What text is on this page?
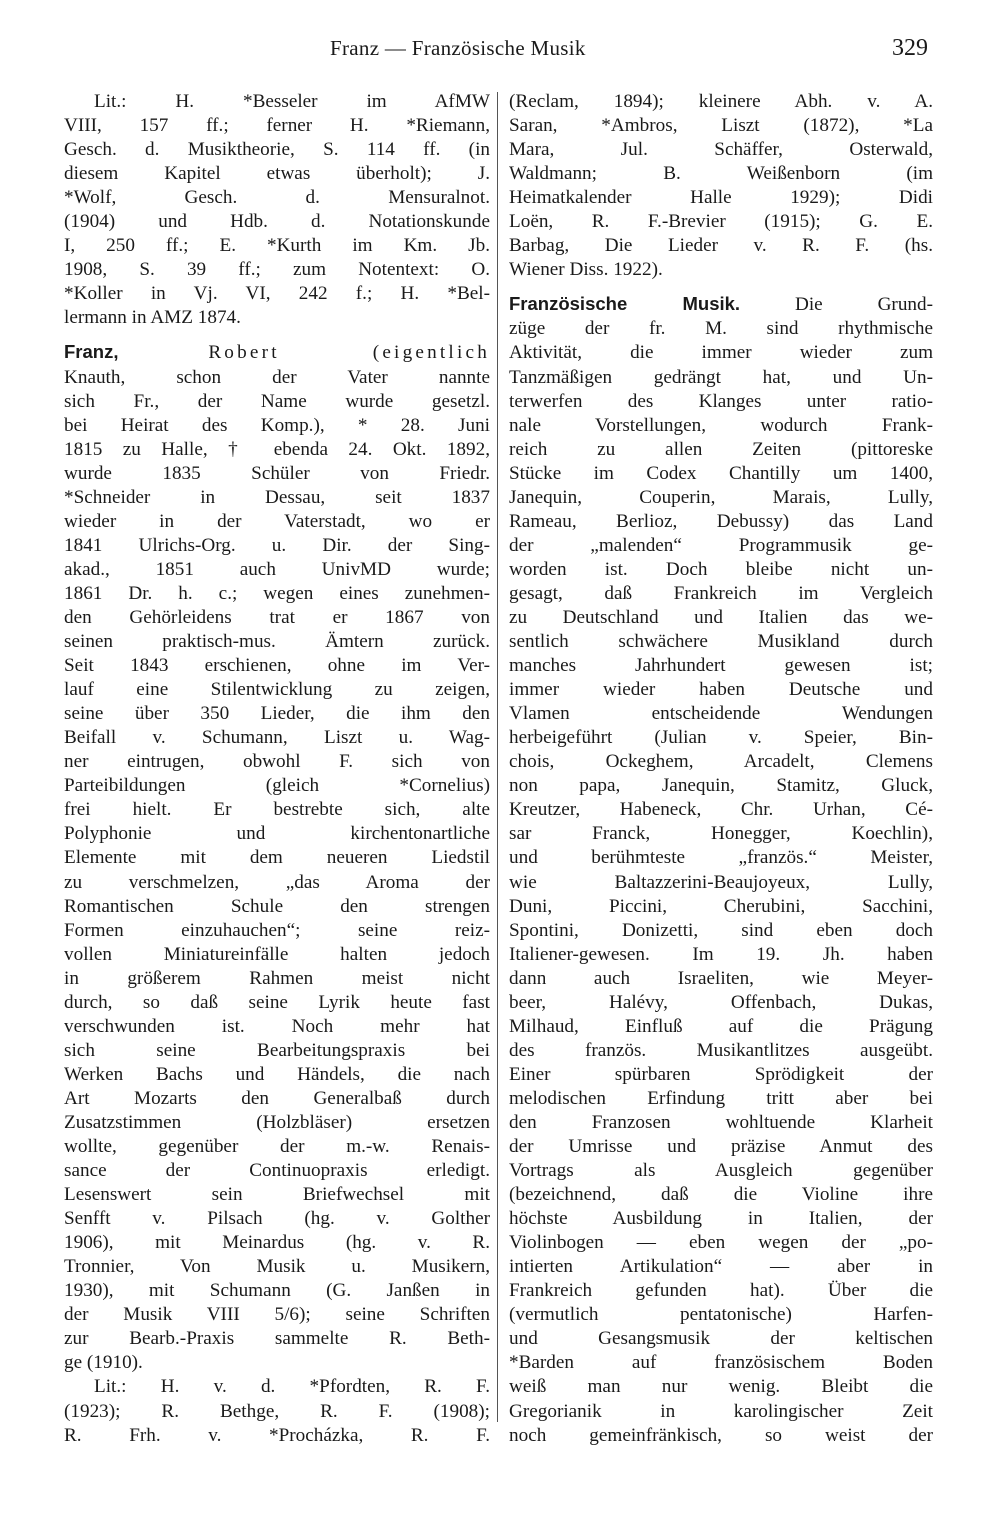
Franz — Französische Musik	329
Lit.: H. *Besseler im AfMW
VIII, 157 ff.; ferner H. *Riemann,
Gesch. d. Musiktheorie, S. 114 ff. (in
diesem Kapitel etwas überholt); J.
*Wolf, Gesch. d. Mensuralnot.
(1904) und Hdb. d. Notationskunde
I, 250 ff.; E. *Kurth im Km. Jb.
1908, S. 39 ff.; zum Notentext: O.
*Koller in Vj. VI, 242 f.; H. *Bel-
lermann in AMZ 1874.
Franz,	Robert (eigentlich
Knauth, schon der Vater nannte
sich Fr., der Name wurde gesetzl.
bei Heirat des Komp.), * 28. Juni
1815 zu Halle, † ebenda 24. Okt. 1892,
wurde 1835 Schüler von Friedr.
*Schneider in Dessau, seit 1837
wieder in der Vaterstadt, wo er
1841 Ulrichs-Org. u. Dir. der Sing-
akad., 1851 auch UnivMD wurde;
1861 Dr. h. c.; wegen eines zunehmen-
den Gehörleidens trat er 1867 von
seinen praktisch-mus. Ämtern zurück.
Seit 1843 erschienen, ohne im Ver-
lauf eine Stilentwicklung zu zeigen,
seine über 350 Lieder, die ihm den
Beifall v. Schumann, Liszt u. Wag-
ner eintrugen, obwohl F. sich von
Parteibildungen (gleich *Cornelius)
frei hielt. Er bestrebte sich, alte
Polyphonie und kirchentonartliche
Elemente mit dem neueren Liedstil
zu verschmelzen, „das Aroma der
Romantischen Schule den strengen
Formen einzuhauchen“; seine reiz-
vollen Miniatureinfälle halten jedoch
in größerem Rahmen meist nicht
durch, so daß seine Lyrik heute fast
verschwunden ist. Noch mehr hat
sich seine Bearbeitungspraxis bei
Werken Bachs und Händels, die nach
Art Mozarts den Generalbaß durch
Zusatzstimmen (Holzbläser) ersetzen
wollte, gegenüber der m.-w. Renais-
sance der Continuopraxis erledigt.
Lesenswert sein Briefwechsel mit
Senfft v. Pilsach (hg. v. Golther
1906), mit Meinardus (hg. v. R.
Tronnier, Von Musik u. Musikern,
1930), mit Schumann (G. Janßen in
der Musik VIII 5/6); seine Schriften
zur Bearb.-Praxis sammelte R. Beth-
ge (1910).
Lit.: H. v. d. *Pfordten, R. F.
(1923); R. Bethge, R. F. (1908);
R. Frh. v. *Procházka, R. F.
(Reclam, 1894); kleinere Abh. v. A.
Saran, *Ambros, Liszt (1872), *La
Mara, Jul. Schäffer, Osterwald,
Waldmann; B. Weißenborn (im
Heimatkalender Halle 1929); Didi
Loën, R. F.-Brevier (1915); G. E.
Barbag, Die Lieder v. R. F. (hs.
Wiener Diss. 1922).
Französische Musik.	Die Grund-
züge der fr. M. sind rhythmische
Aktivität, die immer wieder zum
Tanzmäßigen gedrängt hat, und Un-
terwerfen des Klanges unter ratio-
nale Vorstellungen, wodurch Frank-
reich zu allen Zeiten (pittoreske
Stücke im Codex Chantilly um 1400,
Janequin, Couperin, Marais, Lully,
Rameau, Berlioz, Debussy) das Land
der „malenden“ Programmusik ge-
worden ist. Doch bleibe nicht un-
gesagt, daß Frankreich im Vergleich
zu Deutschland und Italien das we-
sentlich schwächere Musikland durch
manches Jahrhundert gewesen ist;
immer wieder haben Deutsche und
Vlamen entscheidende Wendungen
herbeigeführt (Julian v. Speier, Bin-
chois, Ockeghem, Arcadelt, Clemens
non papa, Janequin, Stamitz, Gluck,
Kreutzer, Habeneck, Chr. Urhan, Cé-
sar Franck, Honegger, Koechlin),
und berühmteste „französ.“ Meister,
wie Baltazzerini-Beaujoyeux, Lully,
Duni, Piccini, Cherubini, Sacchini,
Spontini, Donizetti, sind eben doch
Italiener-gewesen. Im 19. Jh. haben
dann auch Israeliten, wie Meyer-
beer, Halévy, Offenbach, Dukas,
Milhaud, Einfluß auf die Prägung
des französ. Musikantlitzes ausgeübt.
Einer spürbaren Sprödigkeit der
melodischen Erfindung tritt aber bei
den Franzosen wohltuende Klarheit
der Umrisse und präzise Anmut des
Vortrags als Ausgleich gegenüber
(bezeichnend, daß die Violine ihre
höchste Ausbildung in Italien, der
Violinbogen — eben wegen der „po-
intierten Artikulation“ — aber in
Frankreich gefunden hat). Über die
(vermutlich pentatonische) Harfen-
und Gesangsmusik der keltischen
*Barden auf französischem Boden
weiß man nur wenig. Bleibt die
Gregorianik in karolingischer Zeit
noch gemeinfränkisch, so weist der
